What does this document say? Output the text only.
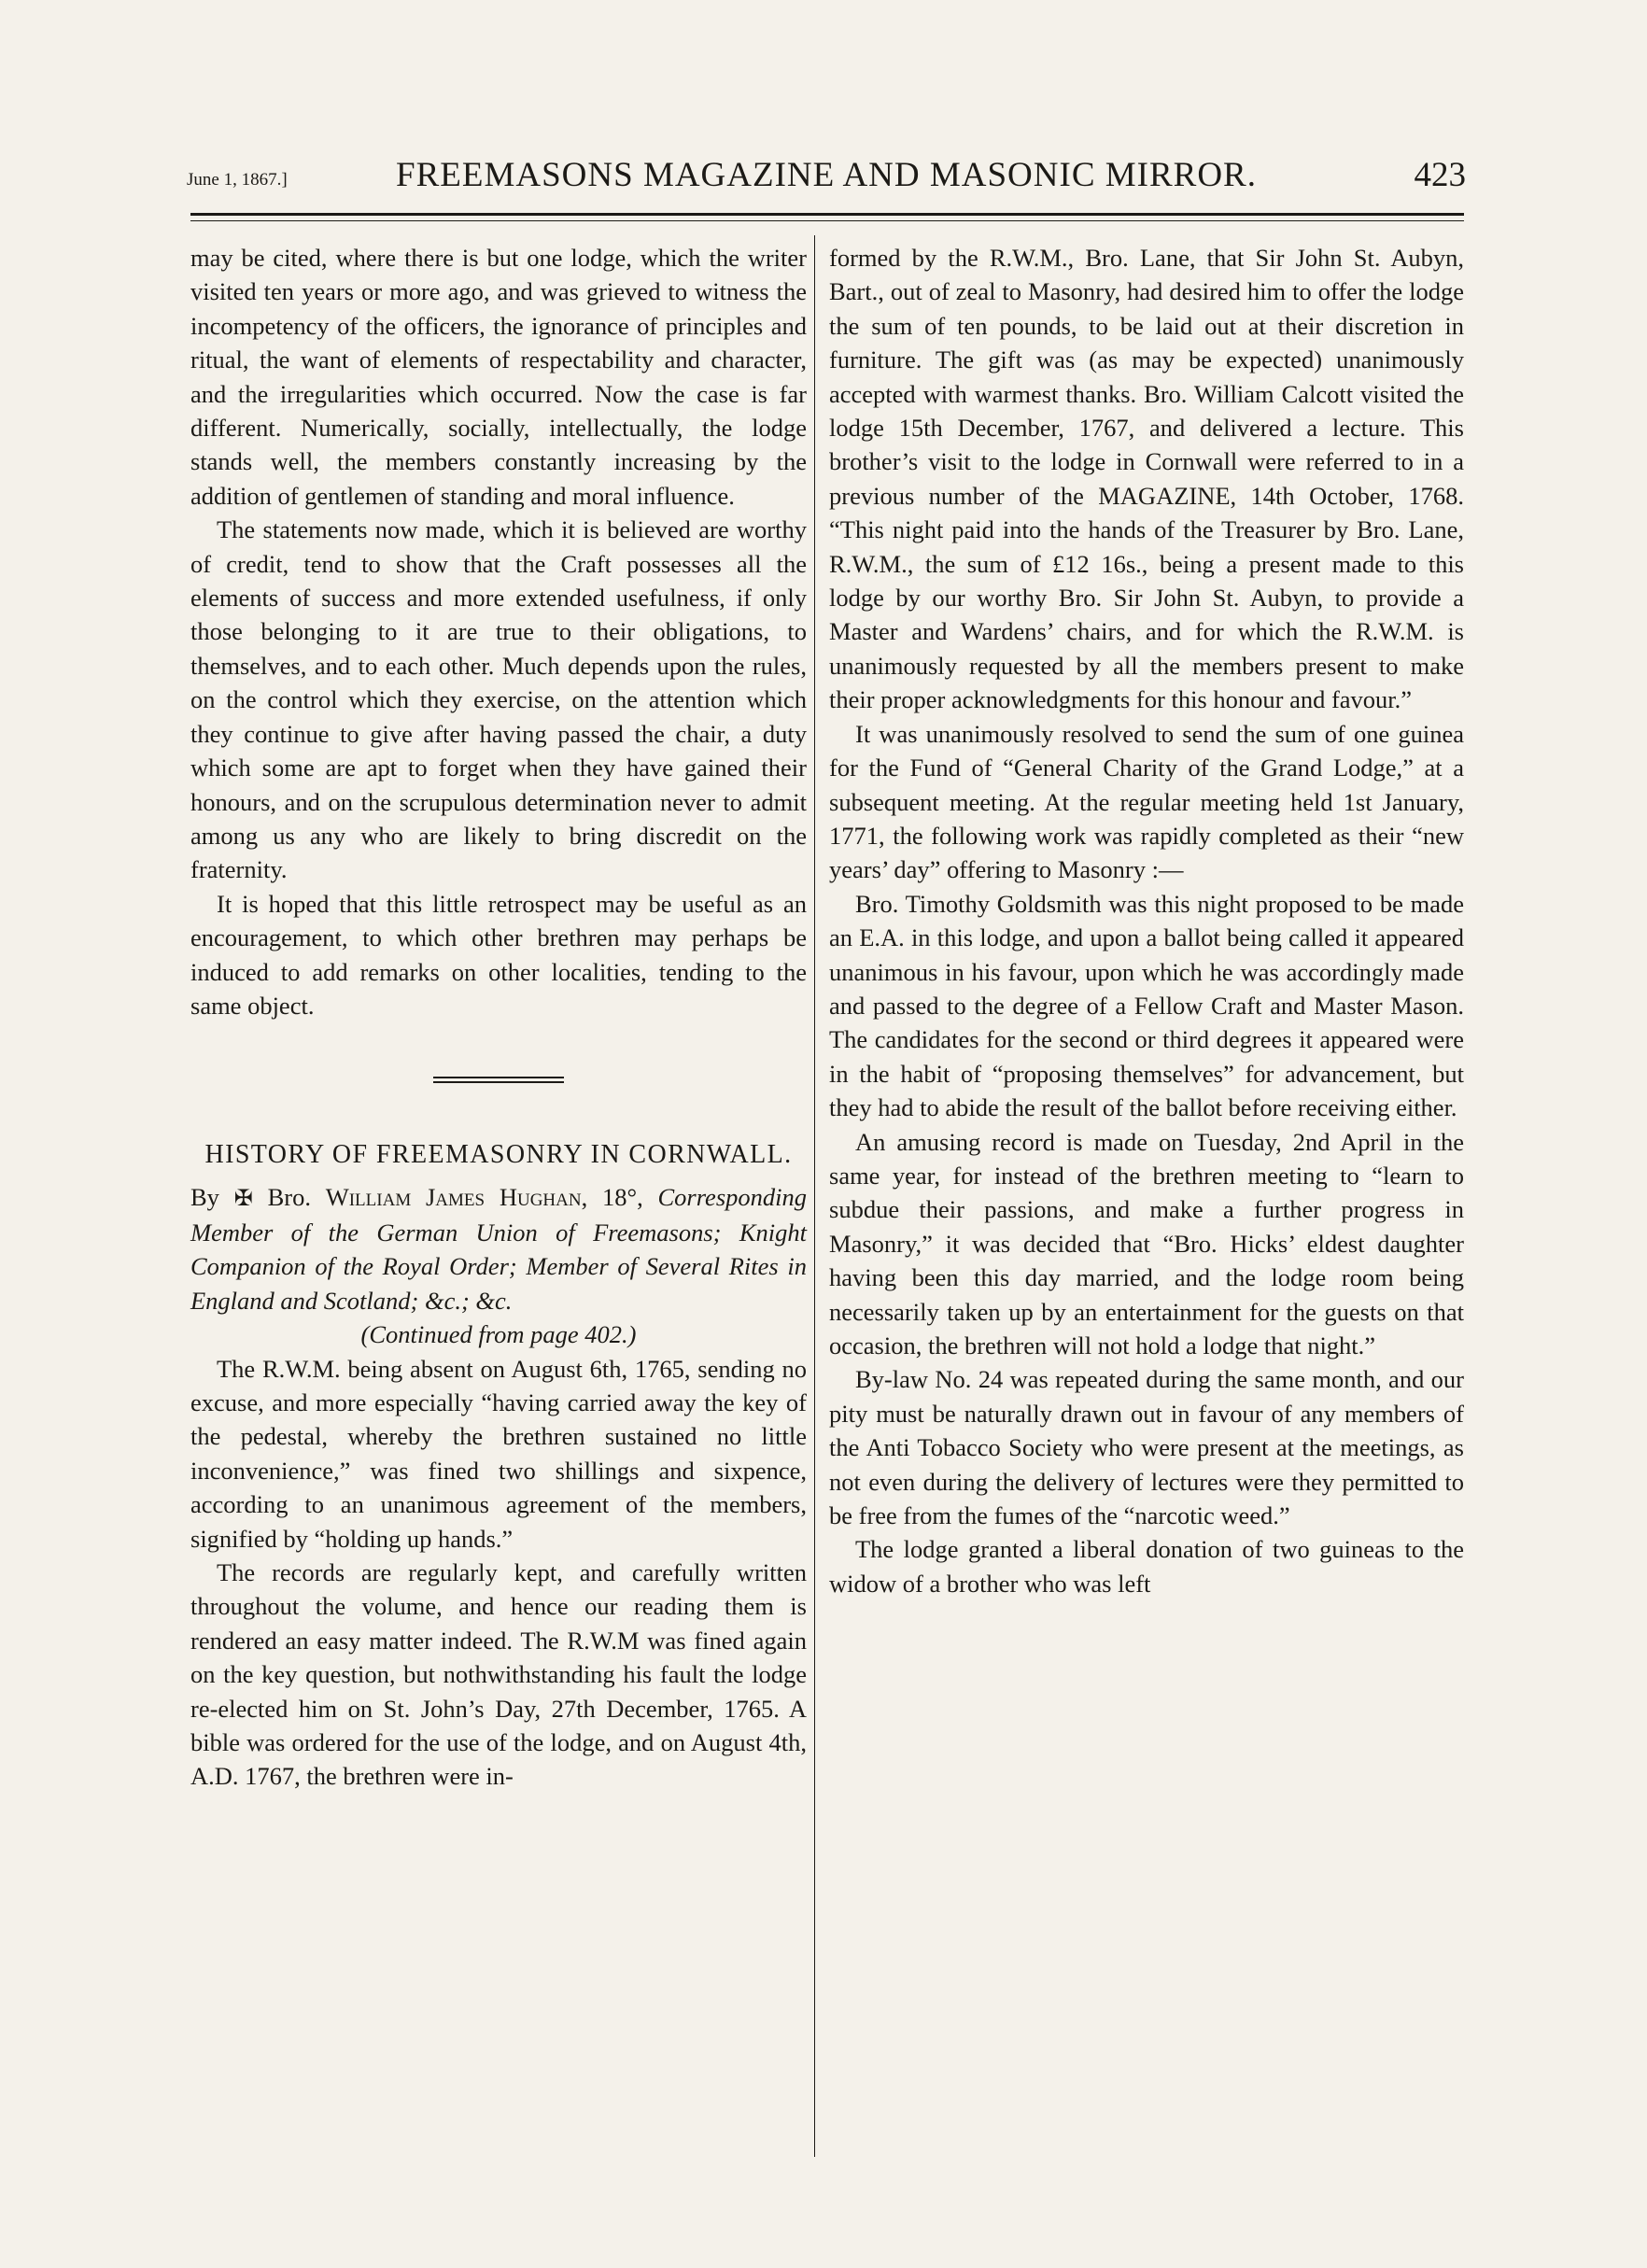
June 1, 1867.]	FREEMASONS MAGAZINE AND MASONIC MIRROR.	423

may be cited, where there is but one lodge, which the writer visited ten years or more ago, and was grieved to witness the incompetency of the officers, the ignorance of principles and ritual, the want of elements of respectability and character, and the irregularities which occurred. Now the case is far different. Numerically, socially, intellectually, the lodge stands well, the members constantly increasing by the addition of gentlemen of standing and moral influence.

The statements now made, which it is believed are worthy of credit, tend to show that the Craft possesses all the elements of success and more extended usefulness, if only those belonging to it are true to their obligations, to themselves, and to each other. Much depends upon the rules, on the control which they exercise, on the attention which they continue to give after having passed the chair, a duty which some are apt to forget when they have gained their honours, and on the scrupulous determination never to admit among us any who are likely to bring discredit on the fraternity.

It is hoped that this little retrospect may be useful as an encouragement, to which other brethren may perhaps be induced to add remarks on other localities, tending to the same object.

HISTORY OF FREEMASONRY IN CORNWALL.

By ✠ Bro. William James Hughan, 18°, Corresponding Member of the German Union of Freemasons; Knight Companion of the Royal Order; Member of Several Rites in England and Scotland; &c.; &c.

(Continued from page 402.)

The R.W.M. being absent on August 6th, 1765, sending no excuse, and more especially “having carried away the key of the pedestal, whereby the brethren sustained no little inconvenience,” was fined two shillings and sixpence, according to an unanimous agreement of the members, signified by “holding up hands.”

The records are regularly kept, and carefully written throughout the volume, and hence our reading them is rendered an easy matter indeed. The R.W.M was fined again on the key question, but nothwithstanding his fault the lodge re-elected him on St. John’s Day, 27th December, 1765. A bible was ordered for the use of the lodge, and on August 4th, A.D. 1767, the brethren were in-

formed by the R.W.M., Bro. Lane, that Sir John St. Aubyn, Bart., out of zeal to Masonry, had desired him to offer the lodge the sum of ten pounds, to be laid out at their discretion in furniture. The gift was (as may be expected) unanimously accepted with warmest thanks. Bro. William Calcott visited the lodge 15th December, 1767, and delivered a lecture. This brother’s visit to the lodge in Cornwall were referred to in a previous number of the MAGAZINE, 14th October, 1768. “This night paid into the hands of the Treasurer by Bro. Lane, R.W.M., the sum of £12 16s., being a present made to this lodge by our worthy Bro. Sir John St. Aubyn, to provide a Master and Wardens’ chairs, and for which the R.W.M. is unanimously requested by all the members present to make their proper acknowledgments for this honour and favour.”

It was unanimously resolved to send the sum of one guinea for the Fund of “General Charity of the Grand Lodge,” at a subsequent meeting. At the regular meeting held 1st January, 1771, the following work was rapidly completed as their “new years’ day” offering to Masonry :—

Bro. Timothy Goldsmith was this night proposed to be made an E.A. in this lodge, and upon a ballot being called it appeared unanimous in his favour, upon which he was accordingly made and passed to the degree of a Fellow Craft and Master Mason. The candidates for the second or third degrees it appeared were in the habit of “proposing themselves” for advancement, but they had to abide the result of the ballot before receiving either.

An amusing record is made on Tuesday, 2nd April in the same year, for instead of the brethren meeting to “learn to subdue their passions, and make a further progress in Masonry,” it was decided that “Bro. Hicks’ eldest daughter having been this day married, and the lodge room being necessarily taken up by an entertainment for the guests on that occasion, the brethren will not hold a lodge that night.”

By-law No. 24 was repeated during the same month, and our pity must be naturally drawn out in favour of any members of the Anti Tobacco Society who were present at the meetings, as not even during the delivery of lectures were they permitted to be free from the fumes of the “narcotic weed.”

The lodge granted a liberal donation of two guineas to the widow of a brother who was left
